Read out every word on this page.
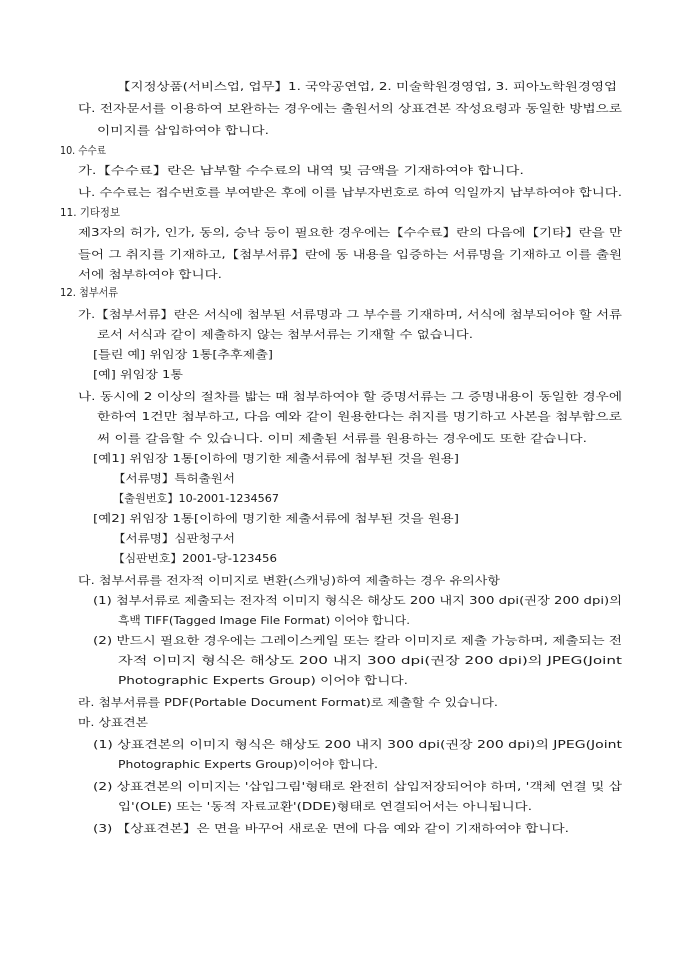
【지정상품(서비스업, 업무】1. 국악공연업, 2. 미술학원경영업, 3. 피아노학원경영업
다. 전자문서를 이용하여 보완하는 경우에는 출원서의 상표견본 작성요령과 동일한 방법으로
이미지를 삽입하여야 합니다.
10. 수수료
가.【수수료】란은 납부할 수수료의 내역 및 금액을 기재하여야 합니다.
나. 수수료는 접수번호를 부여받은 후에 이를 납부자번호로 하여 익일까지 납부하여야 합니다.
11. 기타정보
제3자의 허가, 인가, 동의, 승낙 등이 필요한 경우에는【수수료】란의 다음에【기타】란을 만
들어 그 취지를 기재하고,【첨부서류】란에 동 내용을 입증하는 서류명을 기재하고 이를 출원
서에 첨부하여야 합니다.
12. 첨부서류
가.【첨부서류】란은 서식에 첨부된 서류명과 그 부수를 기재하며, 서식에 첨부되어야 할 서류
로서 서식과 같이 제출하지 않는 첨부서류는 기재할 수 없습니다.
[틀린 예] 위임장 1통[추후제출]
[예] 위임장 1통
나. 동시에 2 이상의 절차를 밟는 때 첨부하여야 할 증명서류는 그 증명내용이 동일한 경우에
한하여 1건만 첨부하고, 다음 예와 같이 원용한다는 취지를 명기하고 사본을 첨부함으로
써 이를 갈음할 수 있습니다. 이미 제출된 서류를 원용하는 경우에도 또한 같습니다.
[예1] 위임장 1통[이하에 명기한 제출서류에 첨부된 것을 원용]
【서류명】특허출원서
【출원번호】10-2001-1234567
[예2] 위임장 1통[이하에 명기한 제출서류에 첨부된 것을 원용]
【서류명】심판청구서
【심판번호】2001-당-123456
다. 첨부서류를 전자적 이미지로 변환(스캐닝)하여 제출하는 경우 유의사항
(1) 첨부서류로 제출되는 전자적 이미지 형식은 해상도 200 내지 300 dpi(권장 200 dpi)의
흑백 TIFF(Tagged Image File Format) 이어야 합니다.
(2) 반드시 필요한 경우에는 그레이스케일 또는 칼라 이미지로 제출 가능하며, 제출되는 전
자적 이미지 형식은 해상도 200 내지 300 dpi(권장 200 dpi)의 JPEG(Joint
Photographic Experts Group) 이어야 합니다.
라. 첨부서류를 PDF(Portable Document Format)로 제출할 수 있습니다.
마. 상표견본
(1) 상표견본의 이미지 형식은 해상도 200 내지 300 dpi(권장 200 dpi)의 JPEG(Joint
Photographic Experts Group)이어야 합니다.
(2) 상표견본의 이미지는 '삽입그림'형태로 완전히 삽입저장되어야 하며, '객체 연결 및 삽
입'(OLE) 또는 '동적 자료교환'(DDE)형태로 연결되어서는 아니됩니다.
(3) 【상표견본】은 면을 바꾸어 새로운 면에 다음 예와 같이 기재하여야 합니다.
